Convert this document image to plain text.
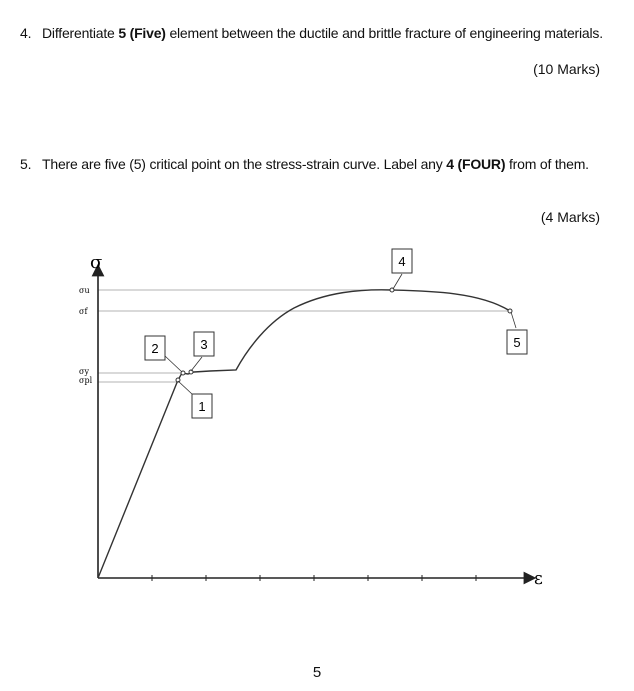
4. Differentiate 5 (Five) element between the ductile and brittle fracture of engineering materials.
(10 Marks)
5. There are five (5) critical point on the stress-strain curve. Label any 4 (FOUR) from of them.
(4 Marks)
1
2	3
4
5
σ
ε
σu
σf
σy
σpl
5
